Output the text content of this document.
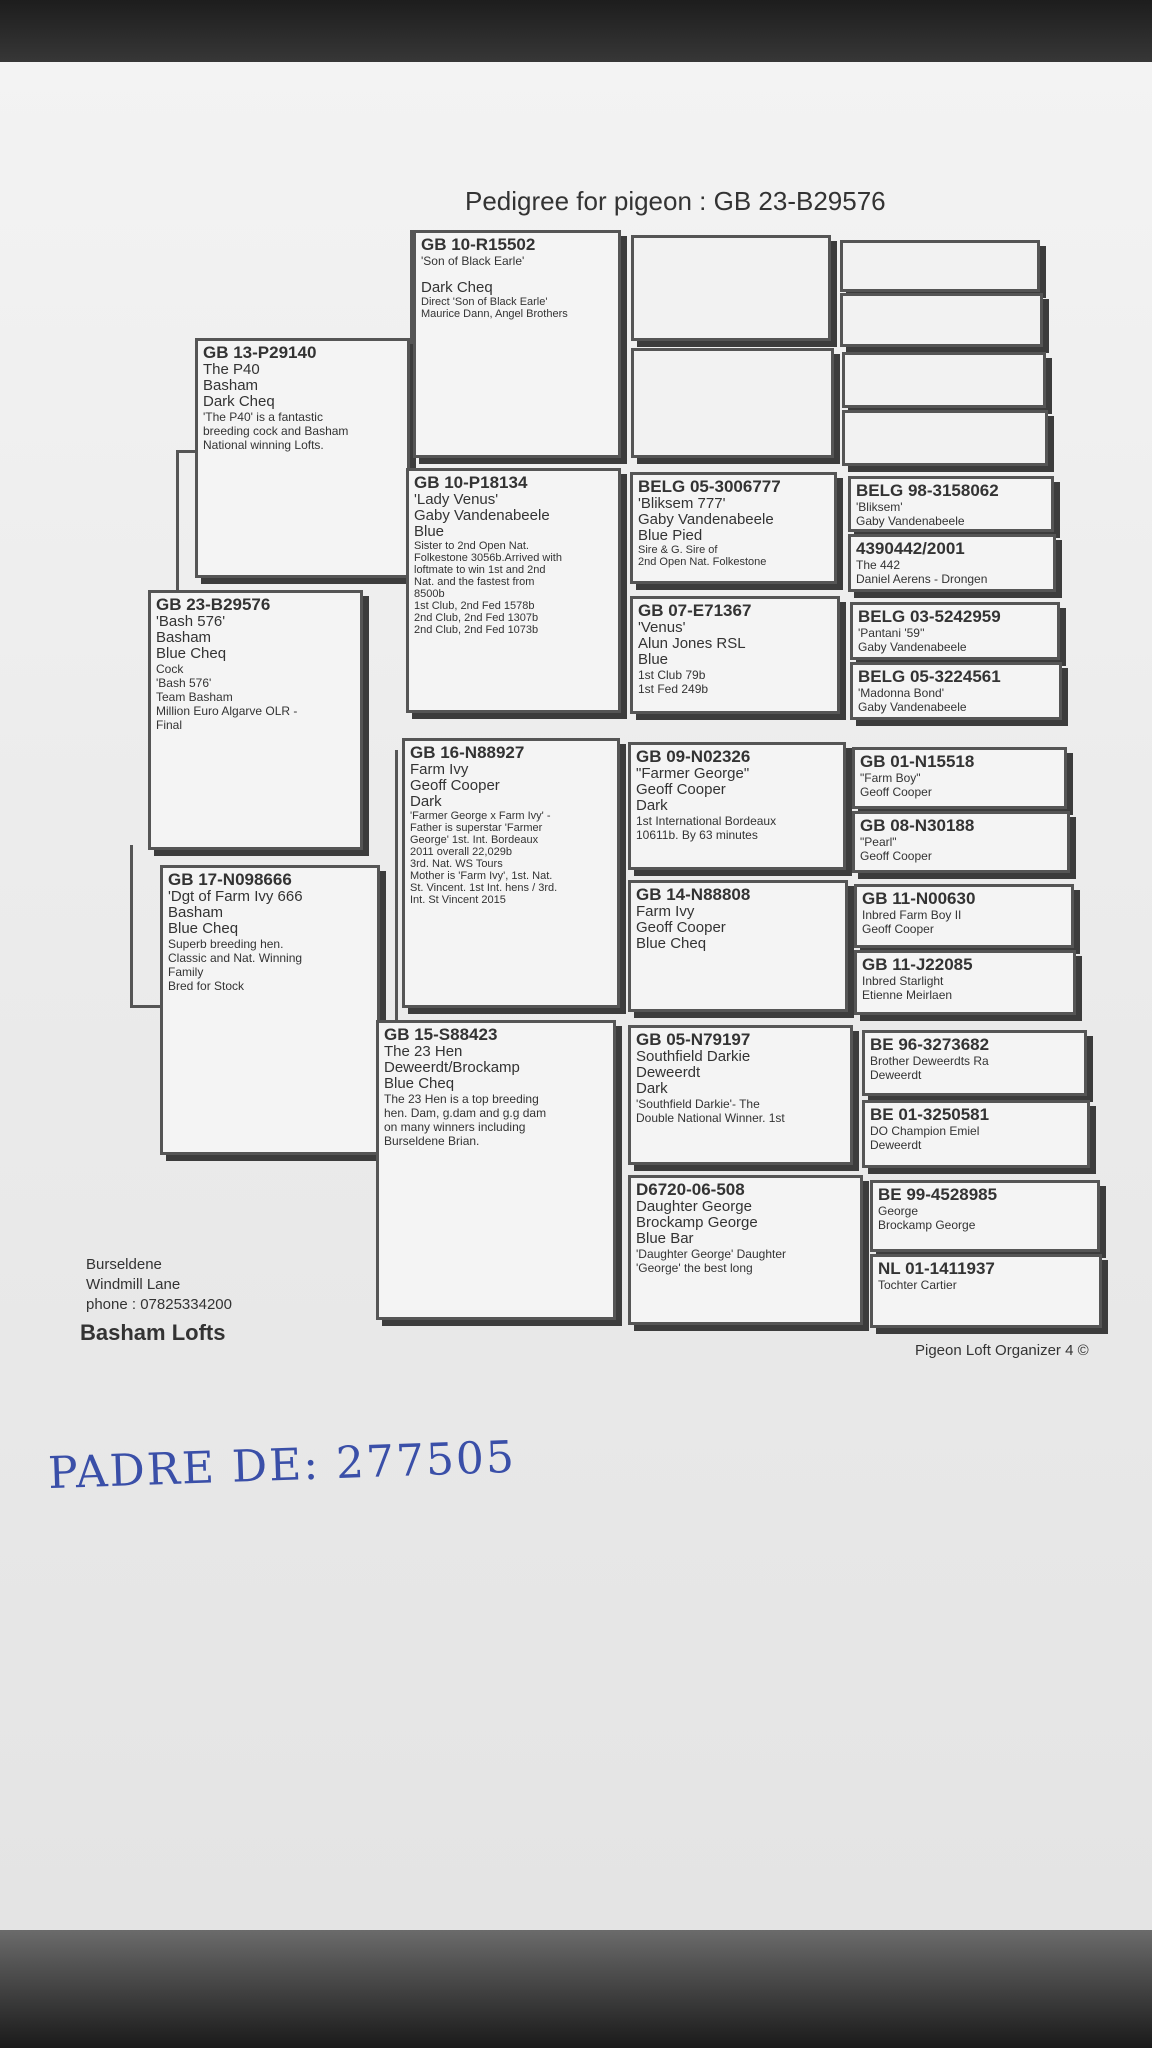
Pedigree for pigeon : GB 23-B29576
GB 23-B29576
'Bash 576'
Basham
Blue Cheq
Cock
'Bash 576'
Team Basham
Million Euro Algarve OLR -
Final
GB 13-P29140
The P40
Basham
Dark Cheq
'The P40' is a fantastic
breeding cock and Basham
National winning Lofts.
GB 17-N098666
'Dgt of Farm Ivy 666
Basham
Blue Cheq
Superb breeding hen.
Classic and Nat. Winning
Family
Bred for Stock
GB 10-R15502
'Son of Black Earle'
Dark Cheq
Direct 'Son of Black Earle'
Maurice Dann, Angel Brothers
GB 10-P18134
'Lady Venus'
Gaby Vandenabeele
Blue
Sister to 2nd Open Nat.
Folkestone 3056b.Arrived with
loftmate to win 1st and 2nd
Nat. and the fastest from
8500b
1st Club, 2nd Fed 1578b
2nd Club, 2nd Fed 1307b
2nd Club, 2nd Fed 1073b
GB 16-N88927
Farm Ivy
Geoff Cooper
Dark
'Farmer George x Farm Ivy' -
Father is superstar 'Farmer
George' 1st. Int. Bordeaux
2011 overall 22,029b
3rd. Nat. WS Tours
Mother is 'Farm Ivy', 1st. Nat.
St. Vincent. 1st Int. hens / 3rd.
Int. St Vincent 2015
GB 15-S88423
The 23 Hen
Deweerdt/Brockamp
Blue Cheq
The 23 Hen is a top breeding
hen. Dam, g.dam and g.g dam
on many winners including
Burseldene Brian.
BELG 05-3006777
'Bliksem 777'
Gaby Vandenabeele
Blue Pied
Sire & G. Sire of
2nd Open Nat. Folkestone
GB 07-E71367
'Venus'
Alun Jones RSL
Blue
1st Club 79b
1st Fed 249b
GB 09-N02326
"Farmer George"
Geoff Cooper
Dark
1st International Bordeaux
10611b. By 63 minutes
GB 14-N88808
Farm Ivy
Geoff Cooper
Blue Cheq
GB 05-N79197
Southfield Darkie
Deweerdt
Dark
'Southfield Darkie'- The
Double National Winner. 1st
D6720-06-508
Daughter George
Brockamp George
Blue Bar
'Daughter George' Daughter
'George' the best long
BELG 98-3158062
'Bliksem'
Gaby Vandenabeele
4390442/2001
The 442
Daniel Aerens - Drongen
BELG 03-5242959
'Pantani '59''
Gaby Vandenabeele
BELG 05-3224561
'Madonna Bond'
Gaby Vandenabeele
GB 01-N15518
"Farm Boy"
Geoff Cooper
GB 08-N30188
"Pearl"
Geoff Cooper
GB 11-N00630
Inbred Farm Boy II
Geoff Cooper
GB 11-J22085
Inbred Starlight
Etienne Meirlaen
BE 96-3273682
Brother Deweerdts Ra
Deweerdt
BE 01-3250581
DO Champion Emiel
Deweerdt
BE 99-4528985
George
Brockamp George
NL 01-1411937
Tochter Cartier
Burseldene
Windmill Lane
phone : 07825334200
Basham Lofts
Pigeon Loft Organizer 4 ©
PADRE DE: 277505
